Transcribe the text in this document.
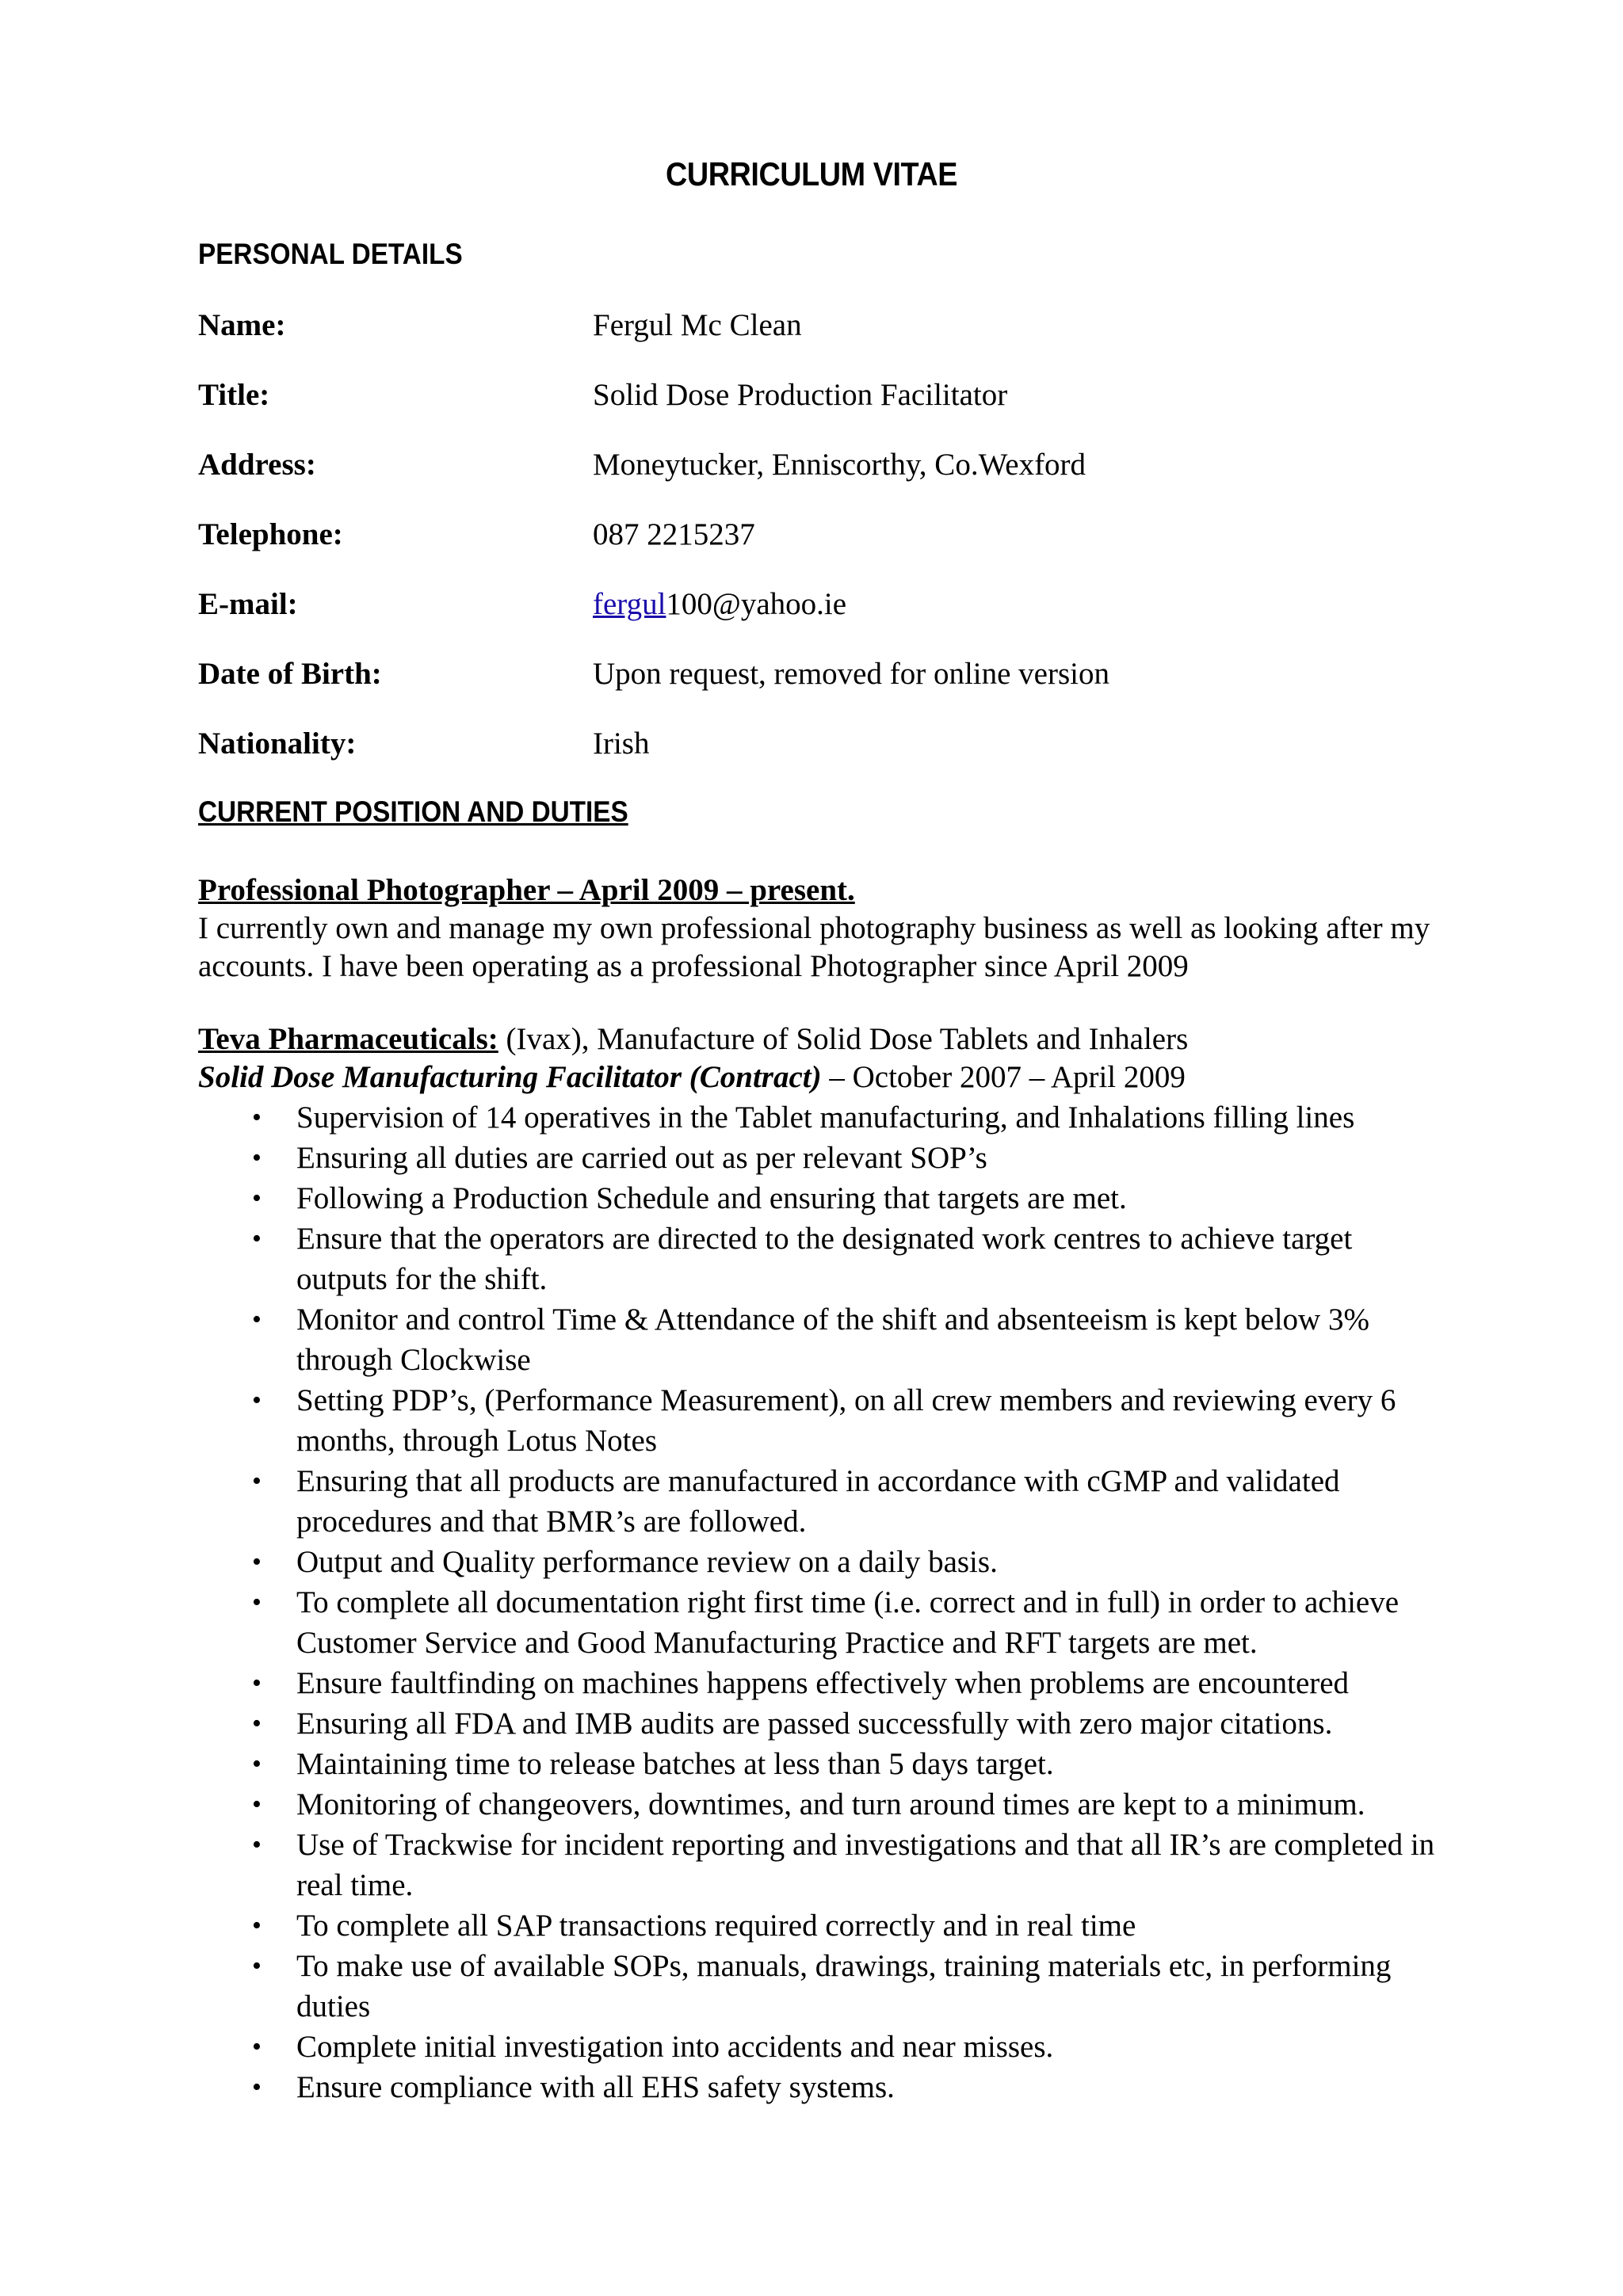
CURRICULUM VITAE
PERSONAL DETAILS
Name:	Fergul Mc Clean
Title:	Solid Dose Production Facilitator
Address:	Moneytucker, Enniscorthy, Co.Wexford
Telephone:	087 2215237
E-mail:	fergul100@yahoo.ie
Date of Birth:	Upon request, removed for online version
Nationality:	Irish
CURRENT POSITION AND DUTIES
Professional Photographer – April 2009 – present.
I currently own and manage my own professional photography business as well as looking after my accounts. I have been operating as a professional Photographer since April 2009
Teva Pharmaceuticals: (Ivax), Manufacture of Solid Dose Tablets and Inhalers
Solid Dose Manufacturing Facilitator (Contract) – October 2007 – April 2009
• Supervision of 14 operatives in the Tablet manufacturing, and Inhalations filling lines
• Ensuring all duties are carried out as per relevant SOP’s
• Following a Production Schedule and ensuring that targets are met.
• Ensure that the operators are directed to the designated work centres to achieve target outputs for the shift.
• Monitor and control Time & Attendance of the shift and absenteeism is kept below 3% through Clockwise
• Setting PDP’s, (Performance Measurement), on all crew members and reviewing every 6 months, through Lotus Notes
• Ensuring that all products are manufactured in accordance with cGMP and validated procedures and that BMR’s are followed.
• Output and Quality performance review on a daily basis.
• To complete all documentation right first time (i.e. correct and in full) in order to achieve Customer Service and Good Manufacturing Practice and RFT targets are met.
• Ensure faultfinding on machines happens effectively when problems are encountered
• Ensuring all FDA and IMB audits are passed successfully with zero major citations.
• Maintaining time to release batches at less than 5 days target.
• Monitoring of changeovers, downtimes, and turn around times are kept to a minimum.
• Use of Trackwise for incident reporting and investigations and that all IR’s are completed in real time.
• To complete all SAP transactions required correctly and in real time
• To make use of available SOPs, manuals, drawings, training materials etc, in performing duties
• Complete initial investigation into accidents and near misses.
• Ensure compliance with all EHS safety systems.
